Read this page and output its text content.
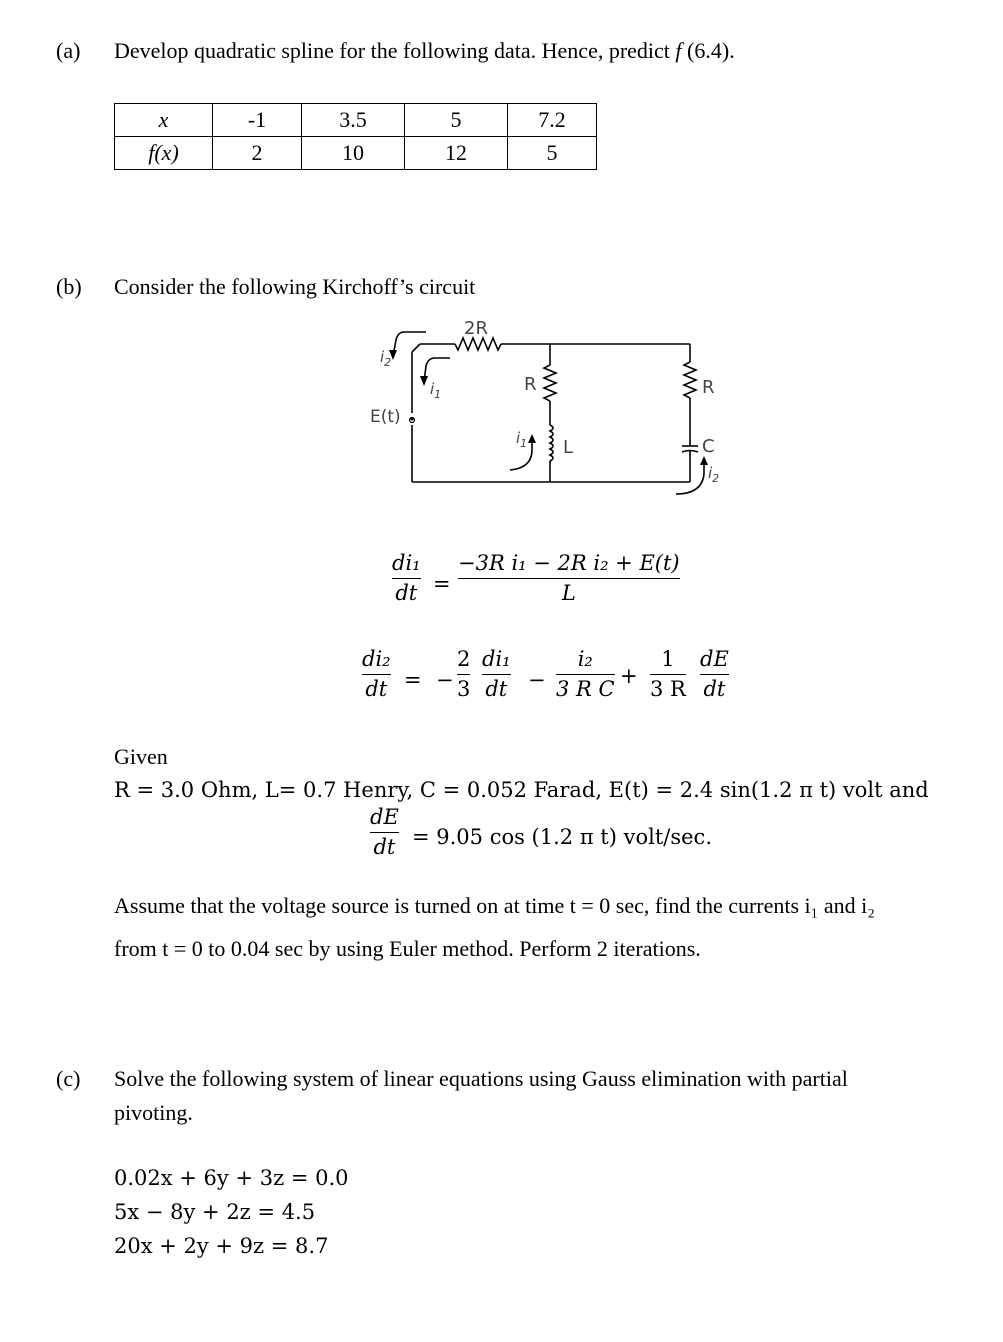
(a) Develop quadratic spline for the following data. Hence, predict f (6.4).
x	-1	3.5	5	7.2
f(x)	2	10	12	5
(b) Consider the following Kirchoff’s circuit
2R
R	R
L	C
E(t)
$i_2$
$i_1$
$i_1$
$i_2$
di₁
dt =
−3R i₁ − 2R i₂ + E(t)
L
di₂
dt = −
2
3
di₁
dt −
i₂
3 R C
+
1
3 R
dE
dt
Given
R = 3.0 Ohm, L= 0.7 Henry, C = 0.052 Farad, E(t) = 2.4 sin(1.2 π t) volt and
dE
dt = 9.05 cos (1.2 π t) volt/sec.
Assume that the voltage source is turned on at time t = 0 sec, find the currents i₁ and i₂
from t = 0 to 0.04 sec by using Euler method. Perform 2 iterations.
(c) Solve the following system of linear equations using Gauss elimination with partial
pivoting.
0.02x + 6y + 3z = 0.0
5x − 8y + 2z = 4.5
20x + 2y + 9z = 8.7
